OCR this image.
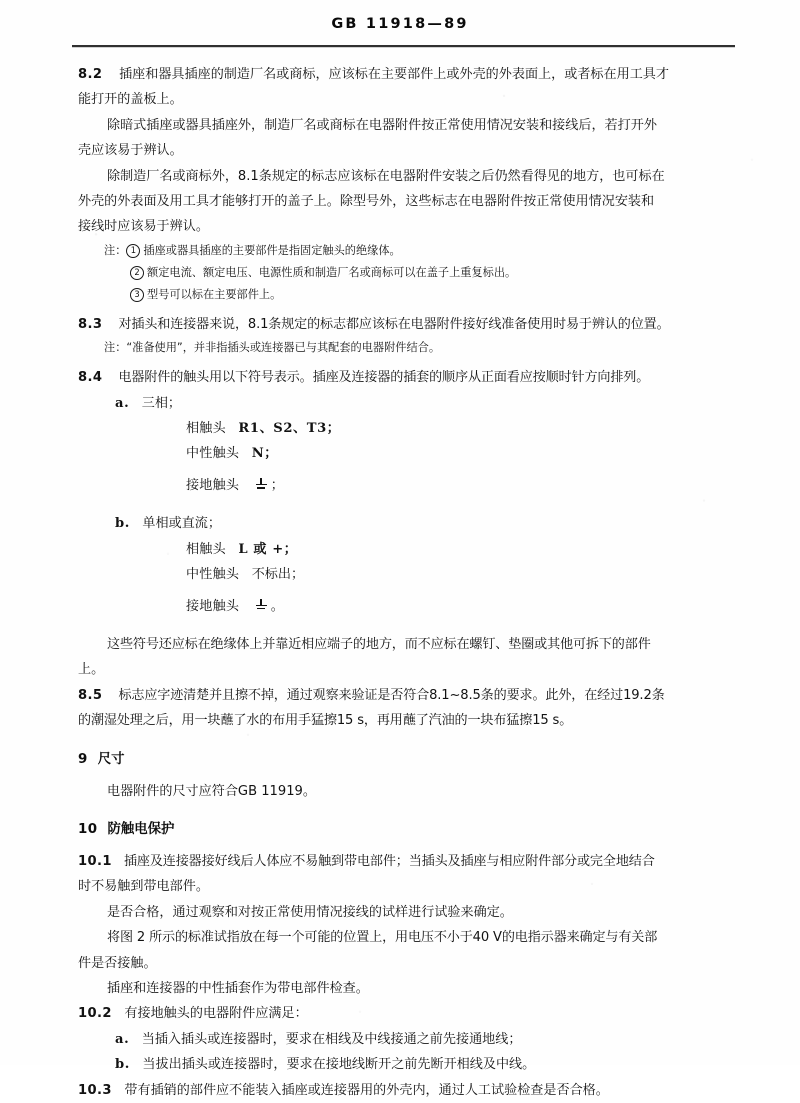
GB 11918—89
8.2 插座和器具插座的制造厂名或商标，应该标在主要部件上或外壳的外表面上，或者标在用工具才
能打开的盖板上。
除暗式插座或器具插座外，制造厂名或商标在电器附件按正常使用情况安装和接线后，若打开外
壳应该易于辨认。
除制造厂名或商标外，8.1条规定的标志应该标在电器附件安装之后仍然看得见的地方，也可标在
外壳的外表面及用工具才能够打开的盖子上。除型号外，这些标志在电器附件按正常使用情况安装和
接线时应该易于辨认。
注： 1 插座或器具插座的主要部件是指固定触头的绝缘体。
2 额定电流、额定电压、电源性质和制造厂名或商标可以在盖子上重复标出。
3 型号可以标在主要部件上。
8.3 对插头和连接器来说，8.1条规定的标志都应该标在电器附件接好线准备使用时易于辨认的位置。
注：“准备使用”，并非指插头或连接器已与其配套的电器附件结合。
8.4 电器附件的触头用以下符号表示。插座及连接器的插套的顺序从正面看应按顺时针方向排列。
a. 三相；
相触头 R1、S2、T3；
中性触头 N；
接地触头 ；
b. 单相或直流；
相触头 L 或 +；
中性触头 不标出；
接地触头 。
这些符号还应标在绝缘体上并靠近相应端子的地方，而不应标在螺钉、垫圈或其他可拆下的部件
上。
8.5 标志应字迹清楚并且擦不掉，通过观察来验证是否符合8.1~8.5条的要求。此外，在经过19.2条
的潮湿处理之后，用一块蘸了水的布用手猛擦15 s，再用蘸了汽油的一块布猛擦15 s。
9 尺寸
电器附件的尺寸应符合GB 11919。
10 防触电保护
10.1 插座及连接器接好线后人体应不易触到带电部件；当插头及插座与相应附件部分或完全地结合
时不易触到带电部件。
是否合格，通过观察和对按正常使用情况接线的试样进行试验来确定。
将图 2 所示的标准试指放在每一个可能的位置上，用电压不小于40 V的电指示器来确定与有关部
件是否接触。
插座和连接器的中性插套作为带电部件检查。
10.2 有接地触头的电器附件应满足：
a. 当插入插头或连接器时，要求在相线及中线接通之前先接通地线；
b. 当拔出插头或连接器时，要求在接地线断开之前先断开相线及中线。
10.3 带有插销的部件应不能装入插座或连接器用的外壳内，通过人工试验检查是否合格。
